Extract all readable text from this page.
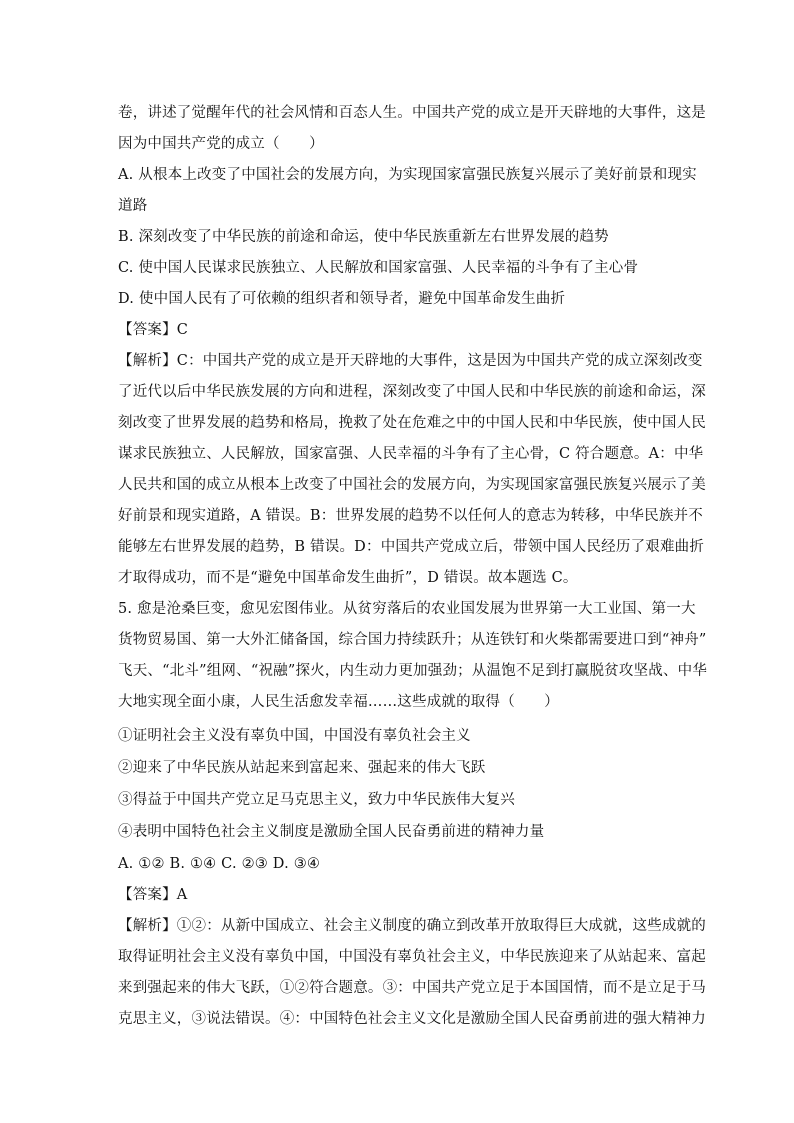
卷，讲述了觉醒年代的社会风情和百态人生。中国共产党的成立是开天辟地的大事件，这是
因为中国共产党的成立（　　）
A. 从根本上改变了中国社会的发展方向，为实现国家富强民族复兴展示了美好前景和现实
道路
B. 深刻改变了中华民族的前途和命运，使中华民族重新左右世界发展的趋势
C. 使中国人民谋求民族独立、人民解放和国家富强、人民幸福的斗争有了主心骨
D. 使中国人民有了可依赖的组织者和领导者，避免中国革命发生曲折
【答案】C
【解析】C：中国共产党的成立是开天辟地的大事件，这是因为中国共产党的成立深刻改变
了近代以后中华民族发展的方向和进程，深刻改变了中国人民和中华民族的前途和命运，深
刻改变了世界发展的趋势和格局，挽救了处在危难之中的中国人民和中华民族，使中国人民
谋求民族独立、人民解放，国家富强、人民幸福的斗争有了主心骨，C 符合题意。A：中华
人民共和国的成立从根本上改变了中国社会的发展方向，为实现国家富强民族复兴展示了美
好前景和现实道路，A 错误。B：世界发展的趋势不以任何人的意志为转移，中华民族并不
能够左右世界发展的趋势，B 错误。D：中国共产党成立后，带领中国人民经历了艰难曲折
才取得成功，而不是“避免中国革命发生曲折”，D 错误。故本题选 C。
5. 愈是沧桑巨变，愈见宏图伟业。从贫穷落后的农业国发展为世界第一大工业国、第一大
货物贸易国、第一大外汇储备国，综合国力持续跃升；从连铁钉和火柴都需要进口到“神舟”
飞天、“北斗”组网、“祝融”探火，内生动力更加强劲；从温饱不足到打赢脱贫攻坚战、中华
大地实现全面小康，人民生活愈发幸福……这些成就的取得（　　）
①证明社会主义没有辜负中国，中国没有辜负社会主义
②迎来了中华民族从站起来到富起来、强起来的伟大飞跃
③得益于中国共产党立足马克思主义，致力中华民族伟大复兴
④表明中国特色社会主义制度是激励全国人民奋勇前进的精神力量
A. ①② B. ①④ C. ②③ D. ③④
【答案】A
【解析】①②：从新中国成立、社会主义制度的确立到改革开放取得巨大成就，这些成就的
取得证明社会主义没有辜负中国，中国没有辜负社会主义，中华民族迎来了从站起来、富起
来到强起来的伟大飞跃，①②符合题意。③：中国共产党立足于本国国情，而不是立足于马
克思主义，③说法错误。④：中国特色社会主义文化是激励全国人民奋勇前进的强大精神力
